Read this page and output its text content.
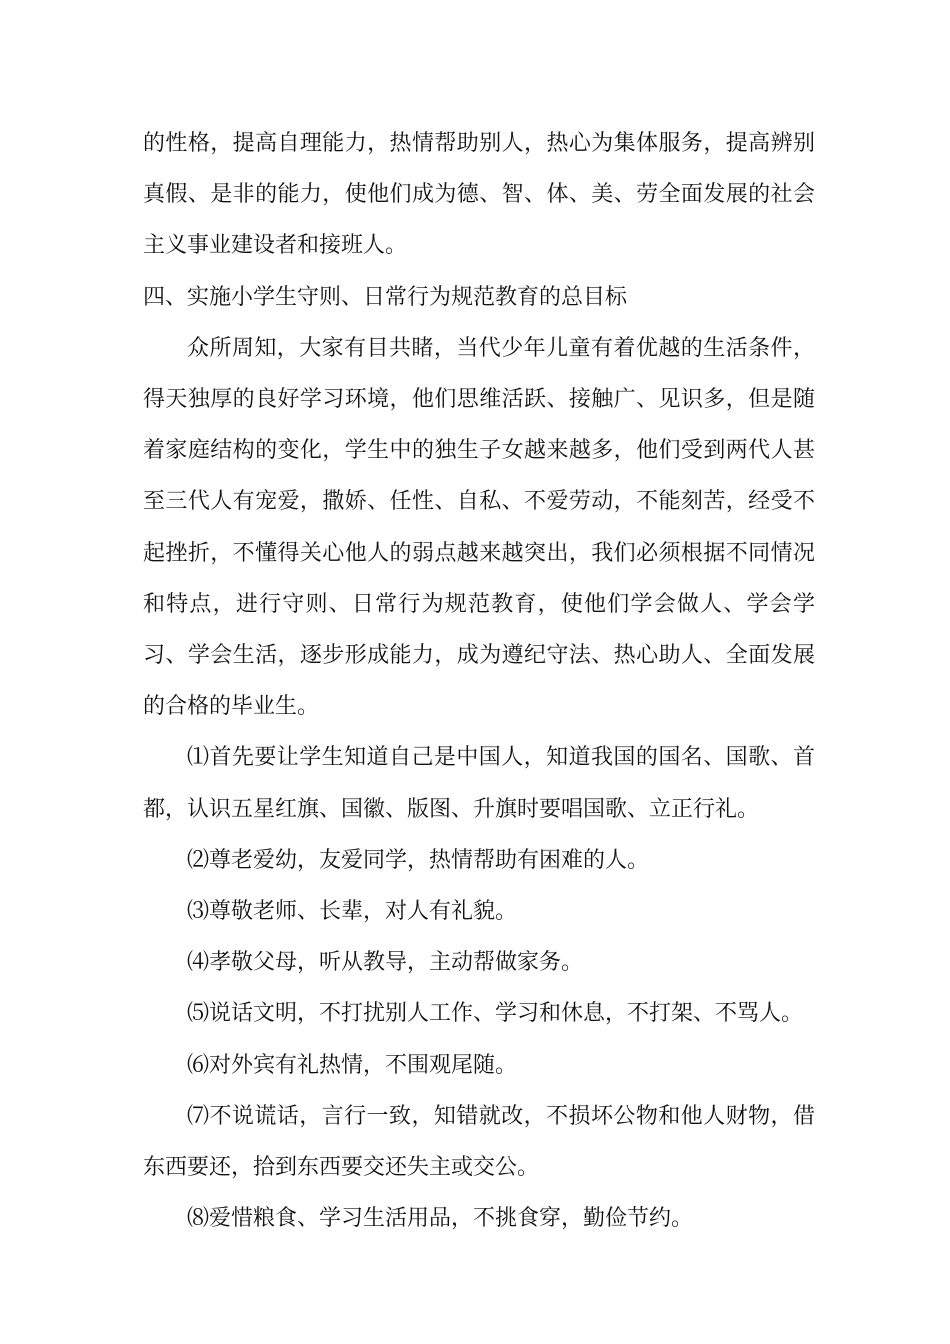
的性格，提高自理能力，热情帮助别人，热心为集体服务，提高辨别真假、是非的能力，使他们成为德、智、体、美、劳全面发展的社会主义事业建设者和接班人。

四、实施小学生守则、日常行为规范教育的总目标

众所周知，大家有目共睹，当代少年儿童有着优越的生活条件，得天独厚的良好学习环境，他们思维活跃、接触广、见识多，但是随着家庭结构的变化，学生中的独生子女越来越多，他们受到两代人甚至三代人有宠爱，撒娇、任性、自私、不爱劳动，不能刻苦，经受不起挫折，不懂得关心他人的弱点越来越突出，我们必须根据不同情况和特点，进行守则、日常行为规范教育，使他们学会做人、学会学习、学会生活，逐步形成能力，成为遵纪守法、热心助人、全面发展的合格的毕业生。

⑴首先要让学生知道自己是中国人，知道我国的国名、国歌、首都，认识五星红旗、国徽、版图、升旗时要唱国歌、立正行礼。

⑵尊老爱幼，友爱同学，热情帮助有困难的人。

⑶尊敬老师、长辈，对人有礼貌。

⑷孝敬父母，听从教导，主动帮做家务。

⑸说话文明，不打扰别人工作、学习和休息，不打架、不骂人。

⑹对外宾有礼热情，不围观尾随。

⑺不说谎话，言行一致，知错就改，不损坏公物和他人财物，借东西要还，拾到东西要交还失主或交公。

⑻爱惜粮食、学习生活用品，不挑食穿，勤俭节约。
